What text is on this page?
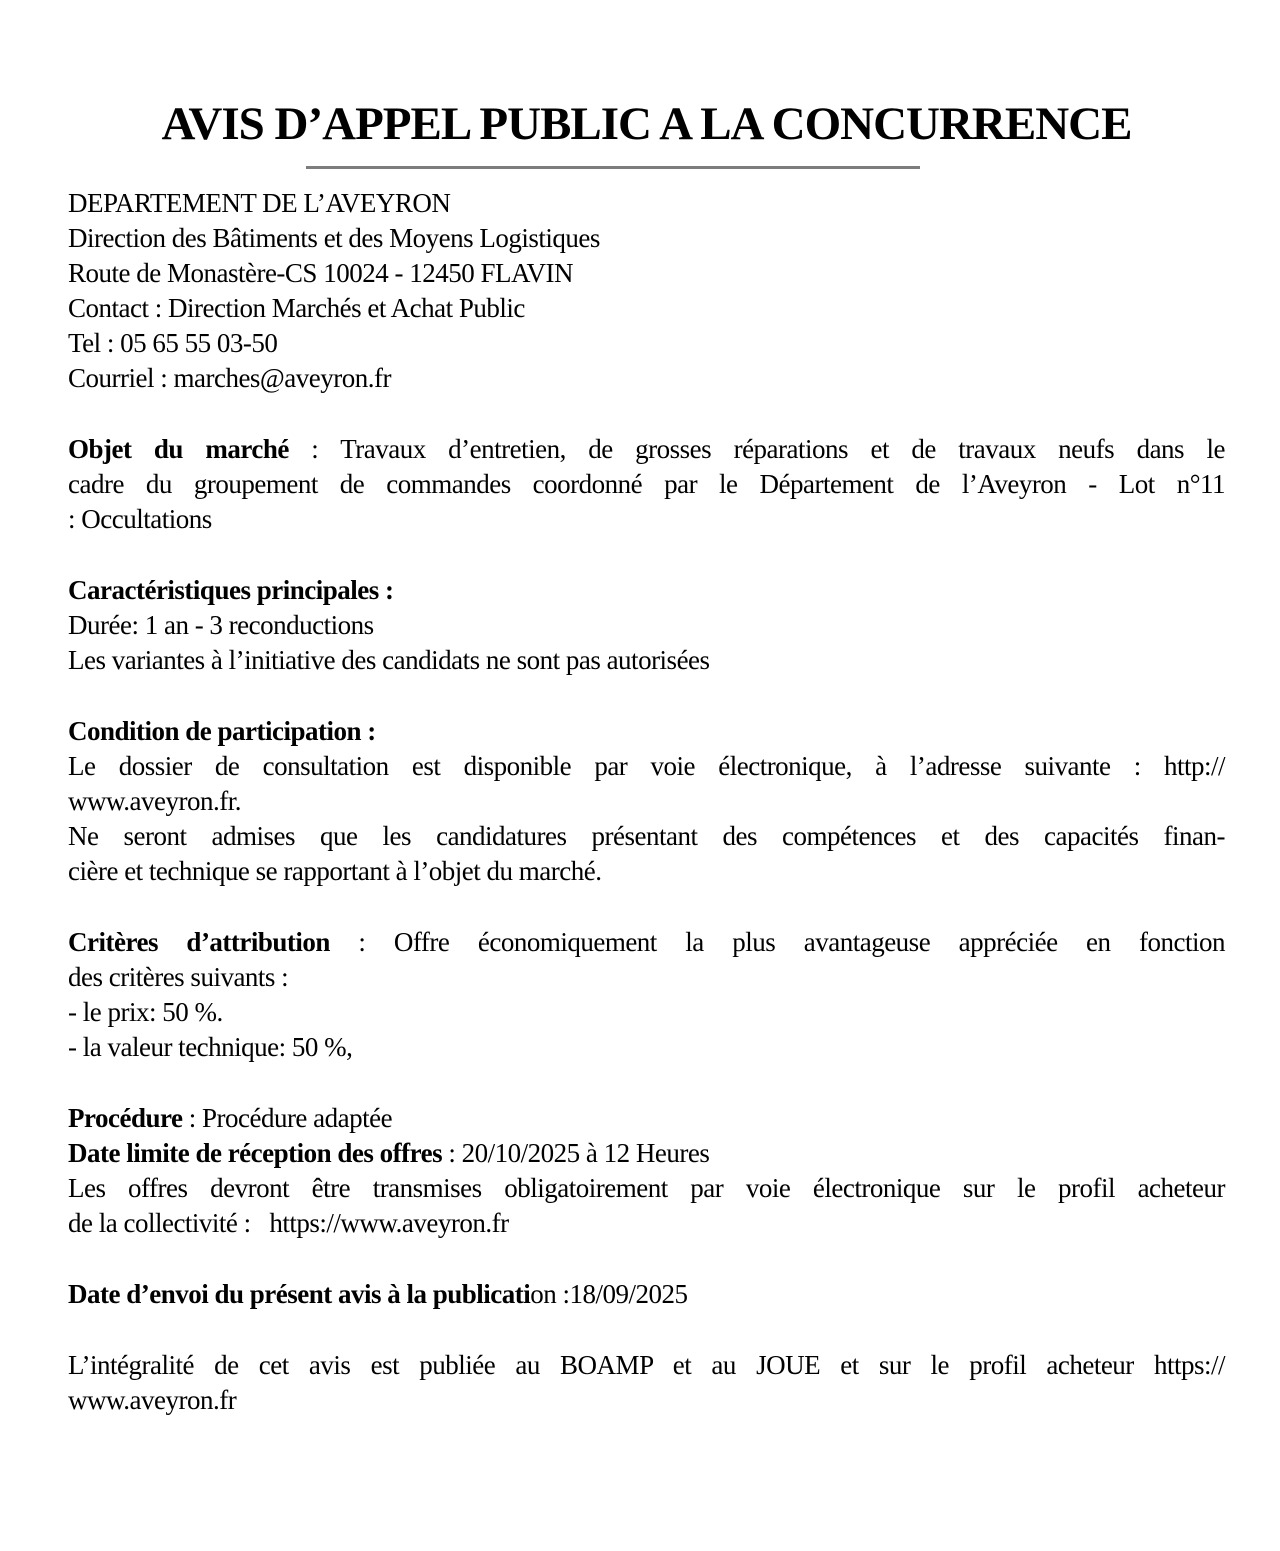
AVIS D’APPEL PUBLIC A LA CONCURRENCE
DEPARTEMENT DE L’AVEYRON
Direction des Bâtiments et des Moyens Logistiques
Route de Monastère-CS 10024 - 12450 FLAVIN
Contact : Direction Marchés et Achat Public
Tel : 05 65 55 03-50
Courriel : marches@aveyron.fr
Objet du marché : Travaux d’entretien, de grosses réparations et de travaux neufs dans le
cadre du groupement de commandes coordonné par le Département de l’Aveyron - Lot n°11
: Occultations
Caractéristiques principales :
Durée: 1 an - 3 reconductions
Les variantes à l’initiative des candidats ne sont pas autorisées
Condition de participation :
Le dossier de consultation est disponible par voie électronique, à l’adresse suivante : http://
www.aveyron.fr.
Ne seront admises que les candidatures présentant des compétences et des capacités finan-
cière et technique se rapportant à l’objet du marché.
Critères d’attribution : Offre économiquement la plus avantageuse appréciée en fonction
des critères suivants :
- le prix: 50 %.
- la valeur technique: 50 %,
Procédure : Procédure adaptée
Date limite de réception des offres : 20/10/2025 à 12 Heures
Les offres devront être transmises obligatoirement par voie électronique sur le profil acheteur
de la collectivité :   https://www.aveyron.fr
Date d’envoi du présent avis à la publication :18/09/2025
L’intégralité de cet avis est publiée au BOAMP et au JOUE et sur le profil acheteur https://
www.aveyron.fr
